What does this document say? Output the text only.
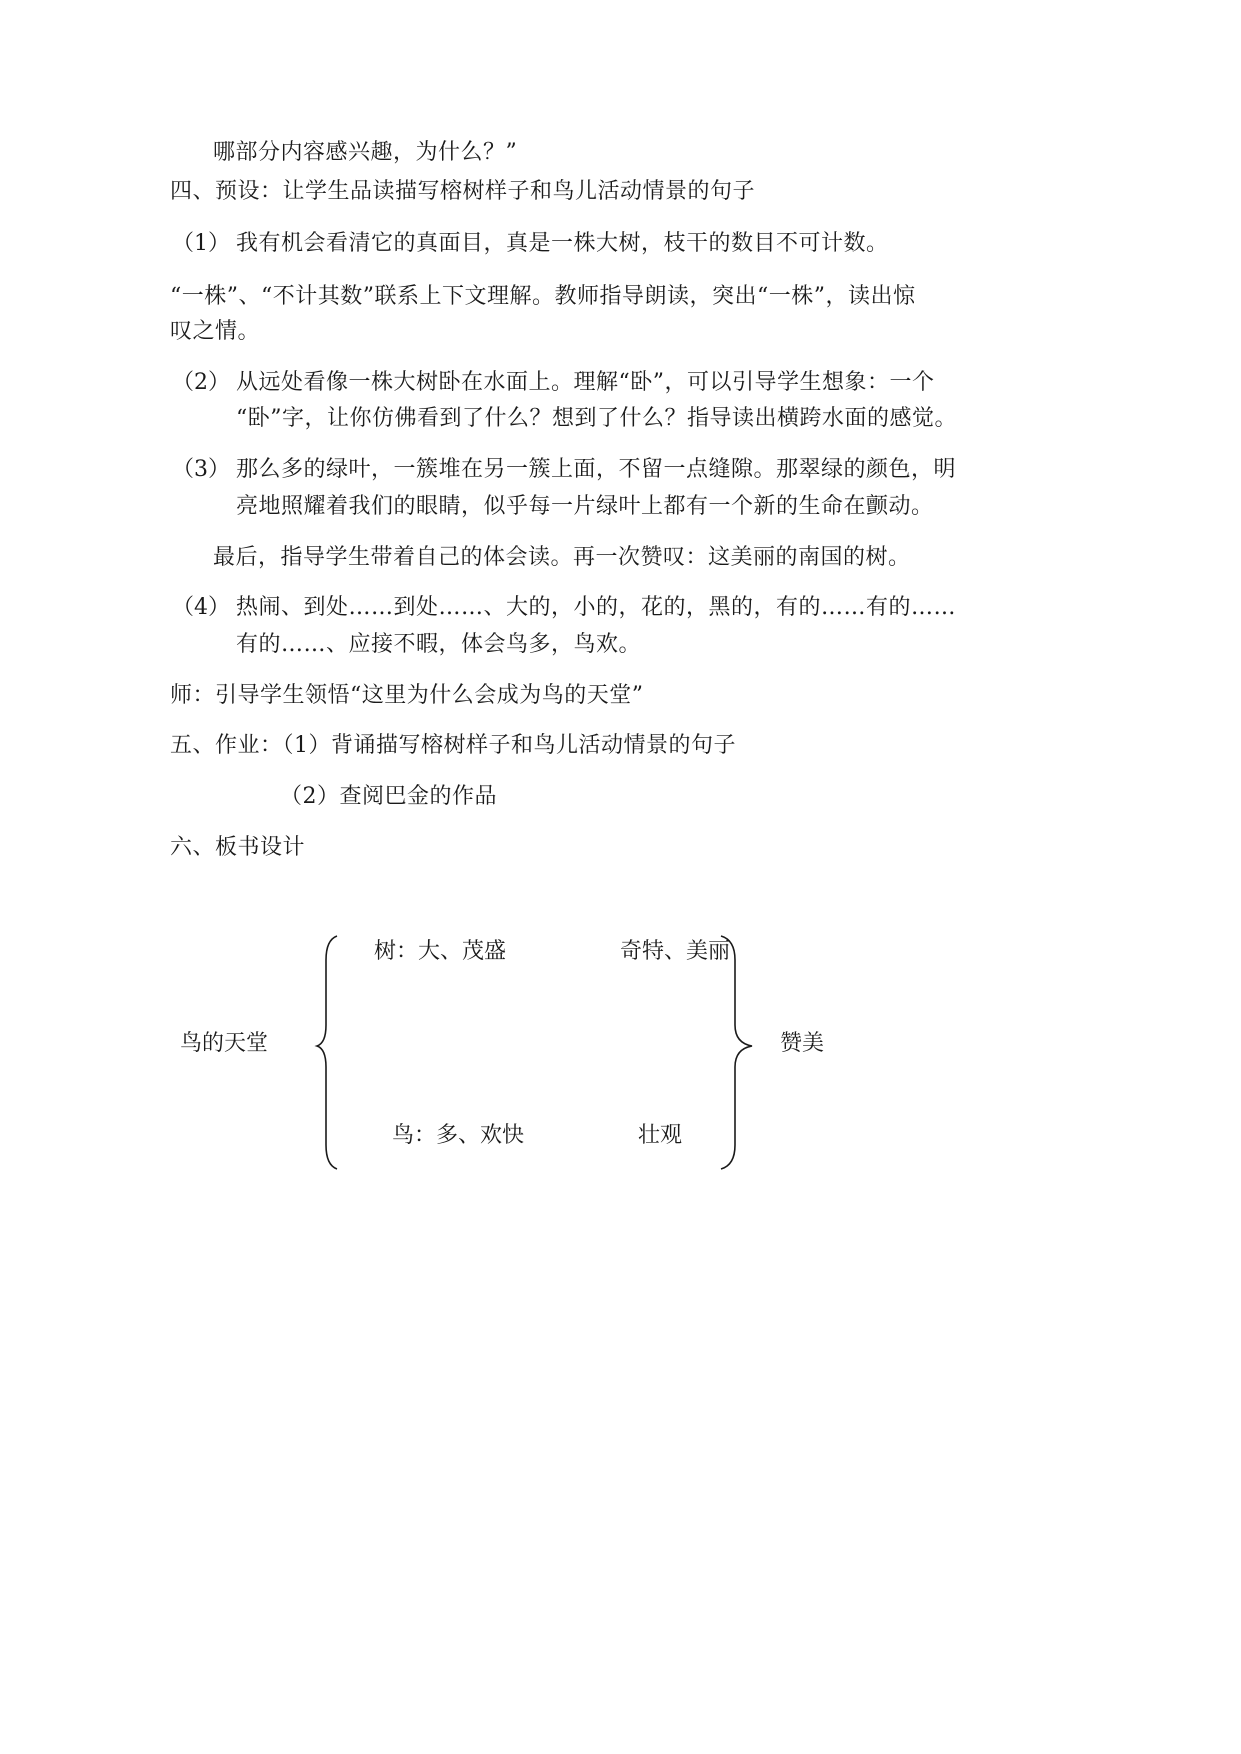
哪部分内容感兴趣，为什么？”
四、预设：让学生品读描写榕树样子和鸟儿活动情景的句子
（1） 我有机会看清它的真面目，真是一株大树，枝干的数目不可计数。
“一株”、“不计其数”联系上下文理解。教师指导朗读，突出“一株”，读出惊
叹之情。
（2） 从远处看像一株大树卧在水面上。理解“卧”，可以引导学生想象：一个
“卧”字，让你仿佛看到了什么？想到了什么？指导读出横跨水面的感觉。
（3） 那么多的绿叶，一簇堆在另一簇上面，不留一点缝隙。那翠绿的颜色，明
亮地照耀着我们的眼睛，似乎每一片绿叶上都有一个新的生命在颤动。
最后，指导学生带着自己的体会读。再一次赞叹：这美丽的南国的树。
（4） 热闹、到处……到处……、大的，小的，花的，黑的，有的……有的……
有的……、应接不暇，体会鸟多，鸟欢。
师：引导学生领悟“这里为什么会成为鸟的天堂”
五、作业：（1）背诵描写榕树样子和鸟儿活动情景的句子
（2）查阅巴金的作品
六、板书设计
鸟的天堂
树：大、茂盛	奇特、美丽
鸟：多、欢快	壮观
赞美
